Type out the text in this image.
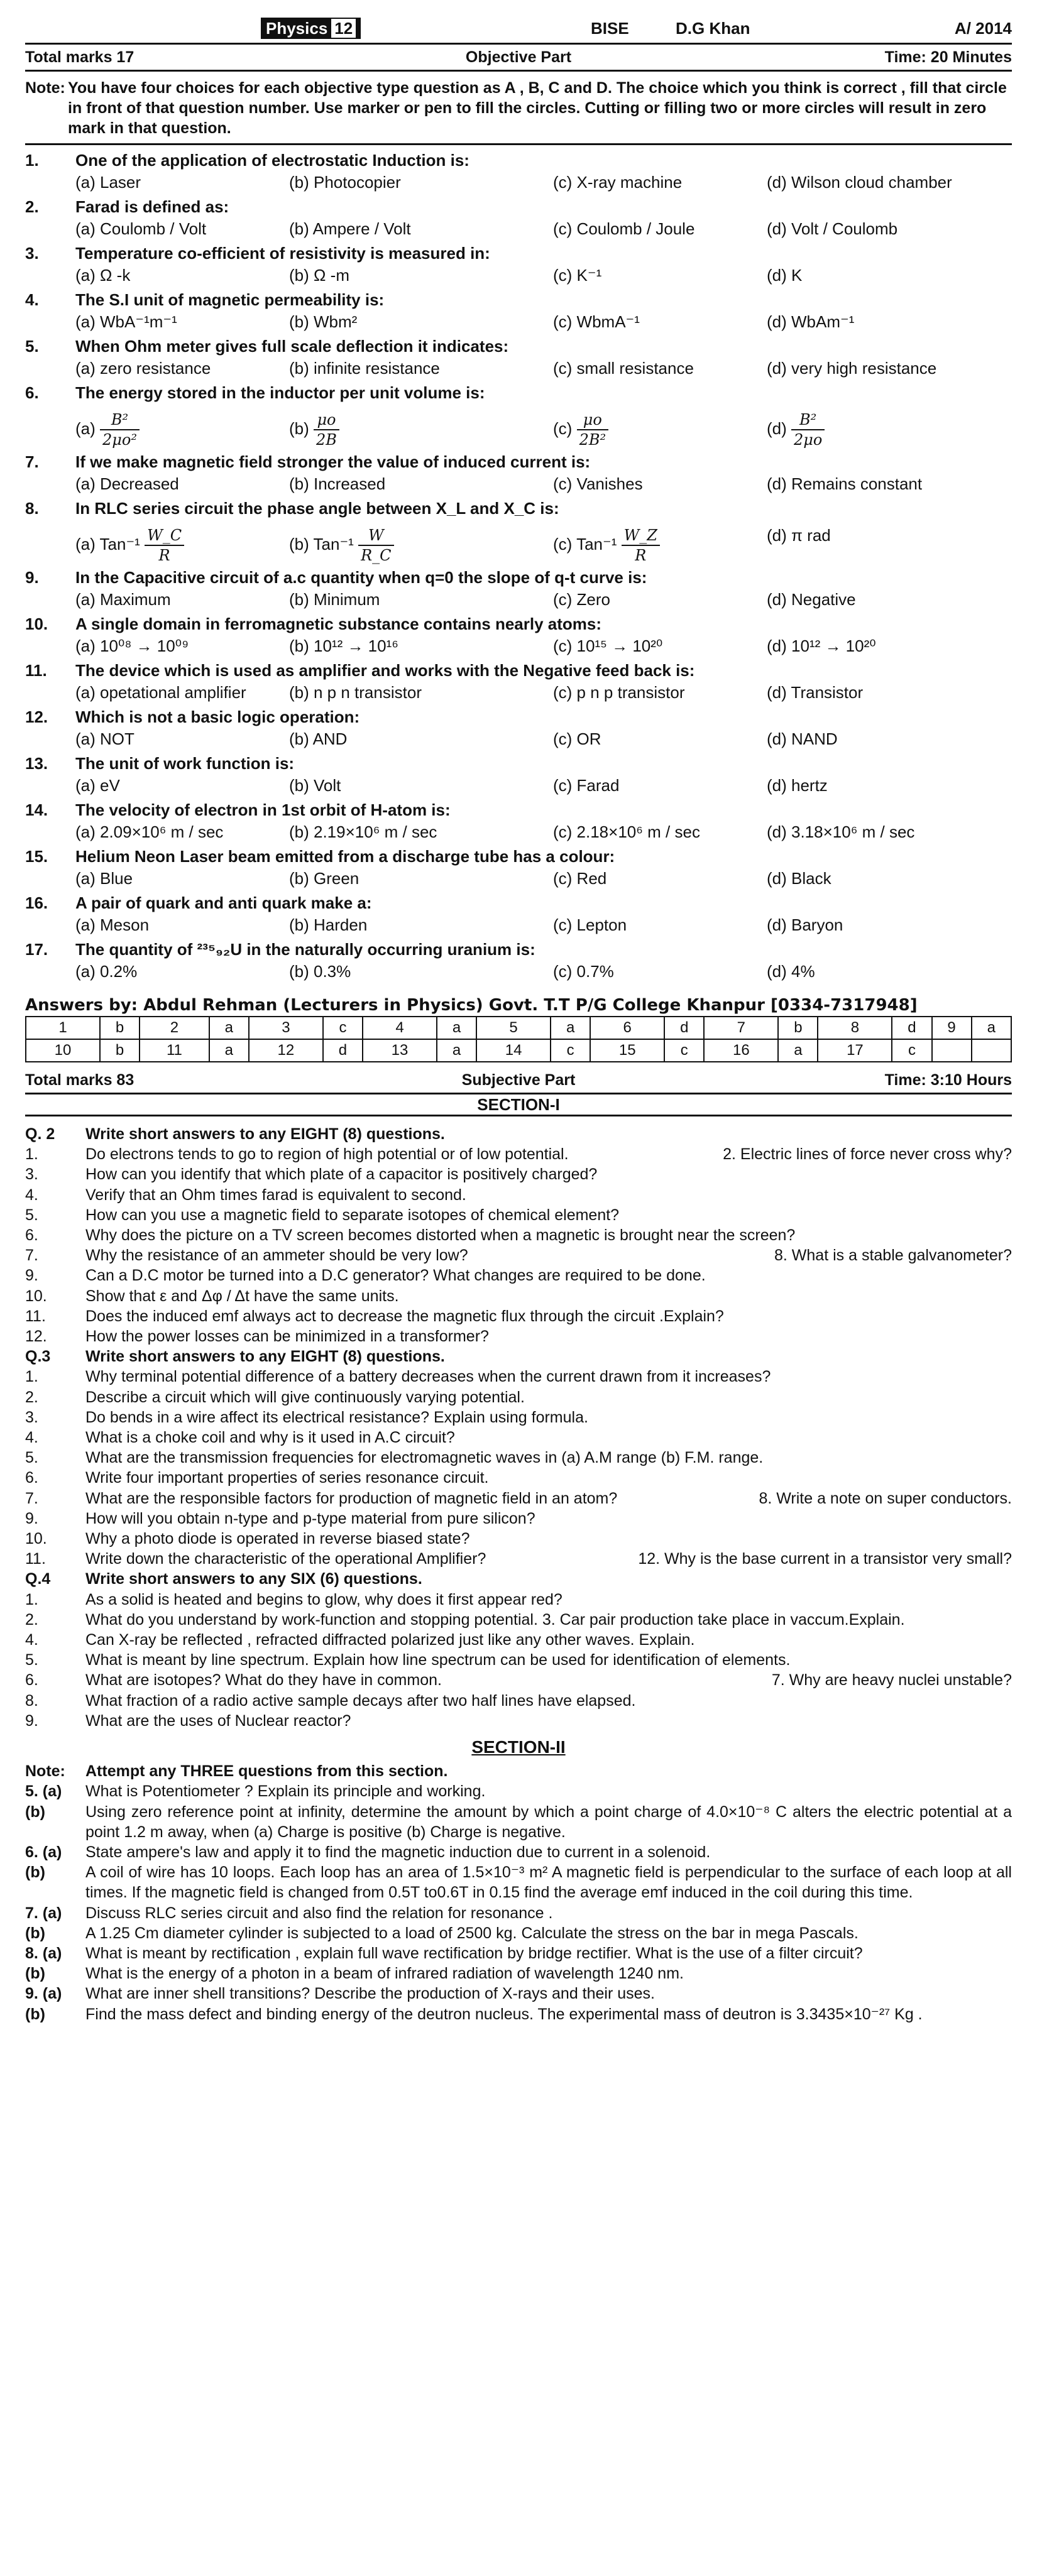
Physics 12	BISE	D.G Khan	A/ 2014
Total marks 17	Objective Part	Time: 20 Minutes
Note: You have four choices for each objective type question as A , B, C and D. The choice which you think is correct , fill that circle in front of that question number. Use marker or pen to fill the circles. Cutting or filling two or more circles will result in zero mark in that question.
1.	One of the application of electrostatic Induction is:
(a) Laser	(b) Photocopier	(c) X-ray machine	(d) Wilson cloud chamber
2.	Farad is defined as:
(a) Coulomb / Volt	(b) Ampere / Volt	(c) Coulomb / Joule	(d) Volt / Coulomb
3.	Temperature co-efficient of resistivity is measured in:
(a) Ω -k	(b) Ω -m	(c) K⁻¹	(d) K
4.	The S.I unit of magnetic permeability is:
(a) WbA⁻¹m⁻¹	(b) Wbm²	(c) WbmA⁻¹	(d) WbAm⁻¹
5.	When Ohm meter gives full scale deflection it indicates:
(a) zero resistance	(b) infinite resistance	(c) small resistance	(d) very high resistance
6.	The energy stored in the inductor per unit volume is:
$(a) \frac{\text{B²}}{\text{2μo²}}$	$(b) \frac{\mu o}{2B}$	$(c) \frac{\mu o}{\text{2B²}}$	$(d) \frac{\text{B²}}{2\mu o}$
7.	If we make magnetic field stronger the value of induced current is:
(a) Decreased	(b) Increased	(c) Vanishes	(d) Remains constant
8.	In RLC series circuit the phase angle between X_L and X_C is:
(a) $Tan^{-1} \frac{W\_C}{R}$	(b) $Tan^{-1} \frac{W}{R\_C}$	(c) $Tan^{-1} \frac{W\_Z}{R}$	(d) π rad
9.	In the Capacitive circuit of a.c quantity when q=0 the slope of q-t curve is:
(a) Maximum	(b) Minimum	(c) Zero	(d) Negative
10.	A single domain in ferromagnetic substance contains nearly atoms:
(a) 10⁰⁸ → 10⁰⁹	(b) 10¹² → 10¹⁶	(c) 10¹⁵ → 10²⁰	(d) 10¹² → 10²⁰
11.	The device which is used as amplifier and works with the Negative feed back is:
(a) opetational amplifier	(b) n p n transistor	(c) p n p transistor	(d) Transistor
12.	Which is not a basic logic operation:
(a) NOT	(b) AND	(c) OR	(d) NAND
13.	The unit of work function is:
(a) eV	(b) Volt	(c) Farad	(d) hertz
14.	The velocity of electron in 1st orbit of H-atom is:
(a) 2.09×10⁶ m / sec	(b) 2.19×10⁶ m / sec	(c) 2.18×10⁶ m / sec	(d) 3.18×10⁶ m / sec
15.	Helium Neon Laser beam emitted from a discharge tube has a colour:
(a) Blue	(b) Green	(c) Red	(d) Black
16.	A pair of quark and anti quark make a:
(a) Meson	(b) Harden	(c) Lepton	(d) Baryon
17.	The quantity of ²³⁵₉₂U in the naturally occurring uranium is:
(a) 0.2%	(b) 0.3%	(c) 0.7%	(d) 4%
Answers by: Abdul Rehman (Lecturers in Physics) Govt. T.T P/G College Khanpur [0334-7317948]
1	b	2	a	3	c	4	a	5	a	6	d	7	b	8	d	9	a
10	b	11	a	12	d	13	a	14	c	15	c	16	a	17	c		
Total marks 83	Subjective Part	Time: 3:10 Hours
SECTION-I
Q. 2	Write short answers to any EIGHT (8) questions.
1.	Do electrons tends to go to region of high potential or of low potential.	2. Electric lines of force never cross why?
3.	How can you identify that which plate of a capacitor is positively charged?
4.	Verify that an Ohm times farad is equivalent to second.
5.	How can you use a magnetic field to separate isotopes of chemical element?
6.	Why does the picture on a TV screen becomes distorted when a magnetic is brought near the screen?
7.	Why the resistance of an ammeter should be very low?	8. What is a stable galvanometer?
9.	Can a D.C motor be turned into a D.C generator? What changes are required to be done.
10.	Show that ε and Δφ / Δt have the same units.
11.	Does the induced emf always act to decrease the magnetic flux through the circuit .Explain?
12.	How the power losses can be minimized in a transformer?
Q.3	Write short answers to any EIGHT (8) questions.
1.	Why terminal potential difference of a battery decreases when the current drawn from it increases?
2.	Describe a circuit which will give continuously varying potential.
3.	Do bends in a wire affect its electrical resistance? Explain using formula.
4.	What is a choke coil and why is it used in A.C circuit?
5.	What are the transmission frequencies for electromagnetic waves in (a) A.M range (b) F.M. range.
6.	Write four important properties of series resonance circuit.
7.	What are the responsible factors for production of magnetic field in an atom?	8. Write a note on super conductors.
9.	How will you obtain n-type and p-type material from pure silicon?
10.	Why a photo diode is operated in reverse biased state?
11.	Write down the characteristic of the operational Amplifier?	12. Why is the base current in a transistor very small?
Q.4	Write short answers to any SIX (6) questions.
1.	As a solid is heated and begins to glow, why does it first appear red?
2.	What do you understand by work-function and stopping potential. 3. Car pair production take place in vaccum.Explain.
4.	Can X-ray be reflected , refracted diffracted polarized just like any other waves. Explain.
5.	What is meant by line spectrum. Explain how line spectrum can be used for identification of elements.
6.	What are isotopes? What do they have in common.	7. Why are heavy nuclei unstable?
8.	What fraction of a radio active sample decays after two half lines have elapsed.
9.	What are the uses of Nuclear reactor?
SECTION-II
Note:	Attempt any THREE questions from this section.
5. (a)	What is Potentiometer ? Explain its principle and working.
(b)	Using zero reference point at infinity, determine the amount by which a point charge of 4.0×10⁻⁸ C alters the electric potential at a point 1.2 m away, when (a) Charge is positive (b) Charge is negative.
6. (a)	State ampere's law and apply it to find the magnetic induction due to current in a solenoid.
(b)	A coil of wire has 10 loops. Each loop has an area of 1.5×10⁻³ m² A magnetic field is perpendicular to the surface of each loop at all times. If the magnetic field is changed from 0.5T to0.6T in 0.15 find the average emf induced in the coil during this time.
7. (a)	Discuss RLC series circuit and also find the relation for resonance .
(b)	A 1.25 Cm diameter cylinder is subjected to a load of 2500 kg. Calculate the stress on the bar in mega Pascals.
8. (a)	What is meant by rectification , explain full wave rectification by bridge rectifier. What is the use of a filter circuit?
(b)	What is the energy of a photon in a beam of infrared radiation of wavelength 1240 nm.
9. (a)	What are inner shell transitions? Describe the production of X-rays and their uses.
(b)	Find the mass defect and binding energy of the deutron nucleus. The experimental mass of deutron is 3.3435×10⁻²⁷ Kg .
